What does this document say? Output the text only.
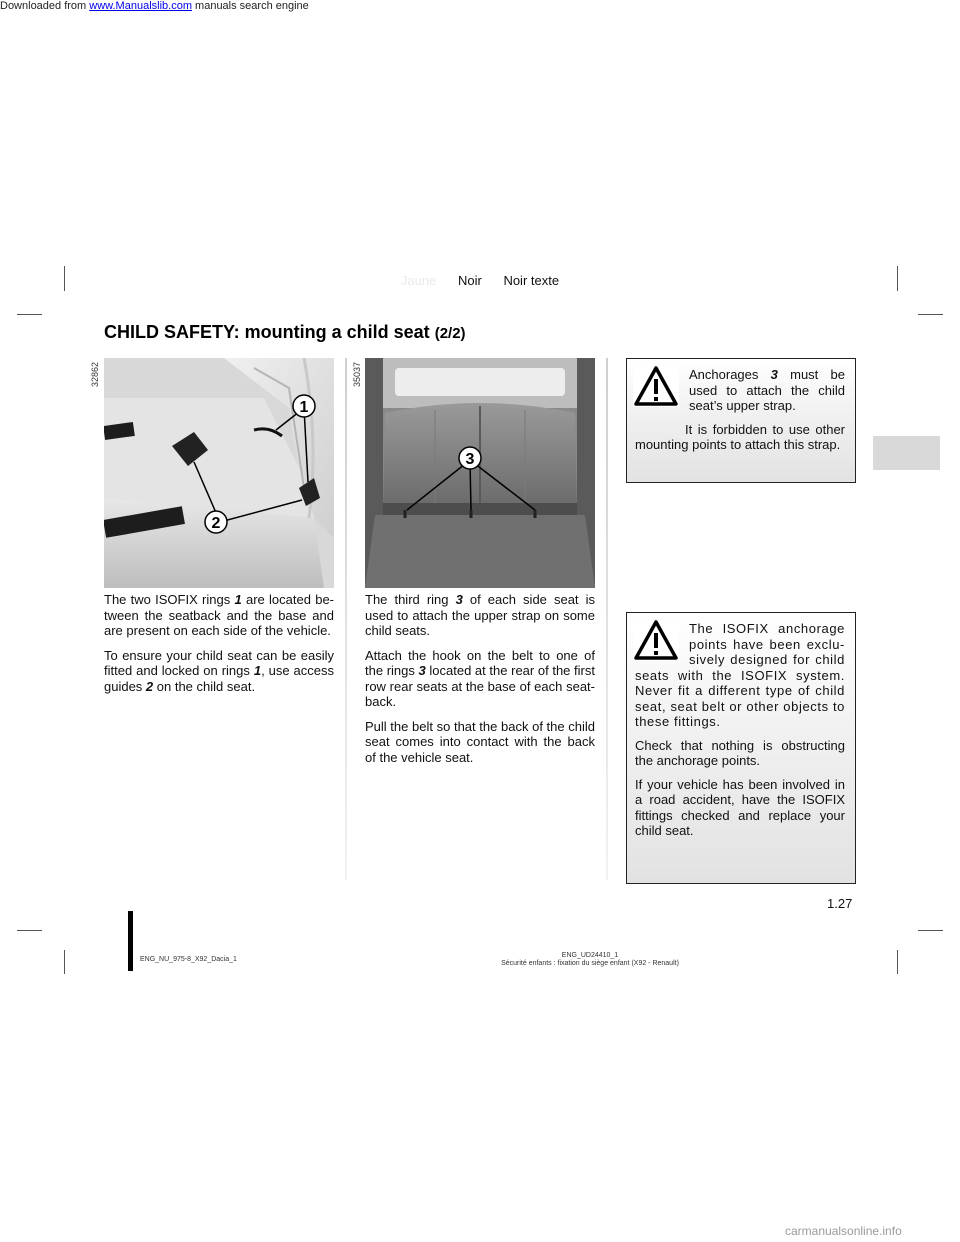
Downloaded from www.Manualslib.com manuals search engine
Jaune Noir Noir texte
CHILD SAFETY: mounting a child seat (2/2)
32862
1
2

The two ISOFIX rings 1 are located be-tween the seatback and the base and are present on each side of the vehicle.

To ensure your child seat can be easily fitted and locked on rings 1, use access guides 2 on the child seat.

35037
3

The third ring 3 of each side seat is used to attach the upper strap on some child seats.

Attach the hook on the belt to one of the rings 3 located at the rear of the first row rear seats at the base of each seat-back.

Pull the belt so that the back of the child seat comes into contact with the back of the vehicle seat.

Anchorages 3 must be used to attach the child seat’s upper strap.

It is forbidden to use other mounting points to attach this strap.

The ISOFIX anchorage points have been exclu-sively designed for child seats with the ISOFIX system. Never fit a different type of child seat, seat belt or other objects to these fittings.

Check that nothing is obstructing the anchorage points.

If your vehicle has been involved in a road accident, have the ISOFIX fittings checked and replace your child seat.

1.27
ENG_NU_975-8_X92_Dacia_1
ENG_UD24410_1
Sécurité enfants : fixation du siège enfant (X92 - Renault)
carmanualsonline.info
